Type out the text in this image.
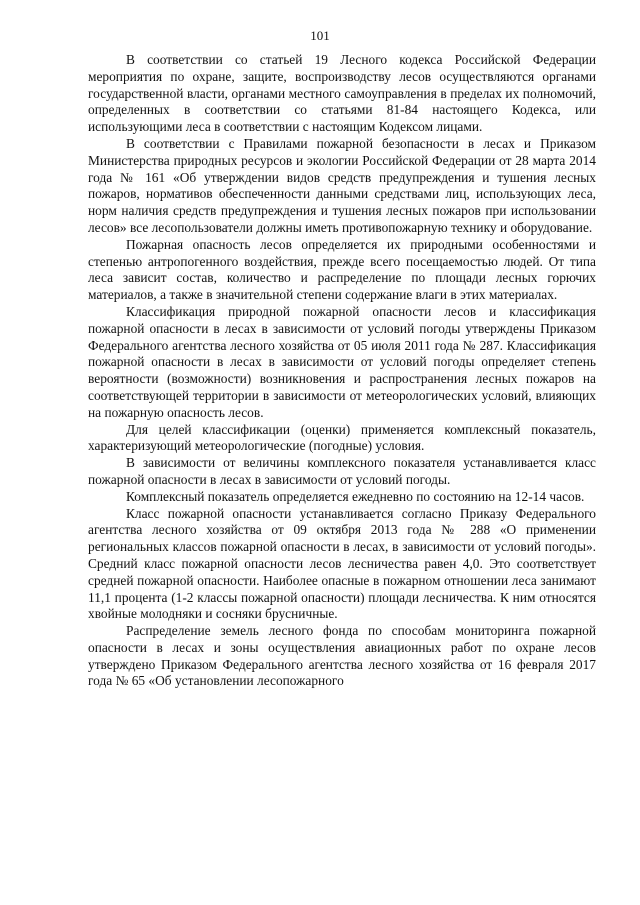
101

В соответствии со статьей 19 Лесного кодекса Российской Федерации мероприятия по охране, защите, воспроизводству лесов осуществляются органами государственной власти, органами местного самоуправления в пределах их полномочий, определенных в соответствии со статьями 81-84 настоящего Кодекса, или использующими леса в соответствии с настоящим Кодексом лицами.

В соответствии с Правилами пожарной безопасности в лесах и Приказом Министерства природных ресурсов и экологии Российской Федерации от 28 марта 2014 года № 161 «Об утверждении видов средств предупреждения и тушения лесных пожаров, нормативов обеспеченности данными средствами лиц, использующих леса, норм наличия средств предупреждения и тушения лесных пожаров при использовании лесов» все лесопользователи должны иметь противопожарную технику и оборудование.

Пожарная опасность лесов определяется их природными особенностями и степенью антропогенного воздействия, прежде всего посещаемостью людей. От типа леса зависит состав, количество и распределение по площади лесных горючих материалов, а также в значительной степени содержание влаги в этих материалах.

Классификация природной пожарной опасности лесов и классификация пожарной опасности в лесах в зависимости от условий погоды утверждены Приказом Федерального агентства лесного хозяйства от 05 июля 2011 года № 287. Классификация пожарной опасности в лесах в зависимости от условий погоды определяет степень вероятности (возможности) возникновения и распространения лесных пожаров на соответствующей территории в зависимости от метеорологических условий, влияющих на пожарную опасность лесов.

Для целей классификации (оценки) применяется комплексный показатель, характеризующий метеорологические (погодные) условия.

В зависимости от величины комплексного показателя устанавливается класс пожарной опасности в лесах в зависимости от условий погоды.

Комплексный показатель определяется ежедневно по состоянию на 12-14 часов.

Класс пожарной опасности устанавливается согласно Приказу Федерального агентства лесного хозяйства от 09 октября 2013 года № 288 «О применении региональных классов пожарной опасности в лесах, в зависимости от условий погоды». Средний класс пожарной опасности лесов лесничества равен 4,0. Это соответствует средней пожарной опасности. Наиболее опасные в пожарном отношении леса занимают 11,1 процента (1-2 классы пожарной опасности) площади лесничества. К ним относятся хвойные молодняки и сосняки брусничные.

Распределение земель лесного фонда по способам мониторинга пожарной опасности в лесах и зоны осуществления авиационных работ по охране лесов утверждено Приказом Федерального агентства лесного хозяйства от 16 февраля 2017 года № 65 «Об установлении лесопожарного
